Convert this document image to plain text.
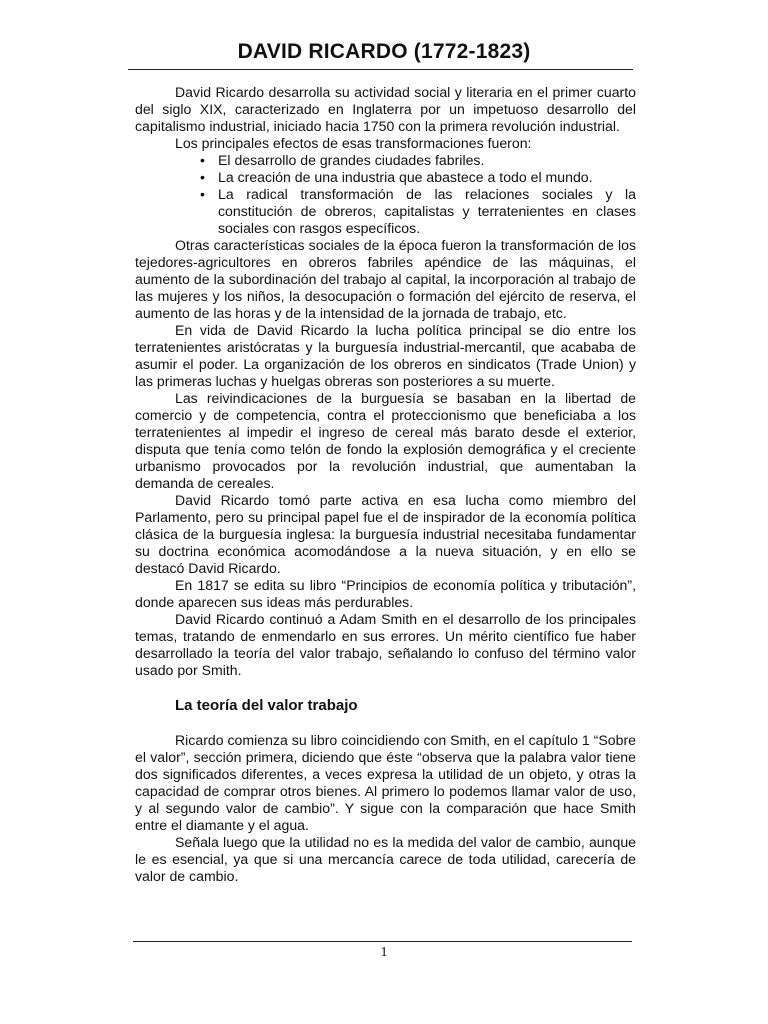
DAVID RICARDO (1772-1823)

David Ricardo desarrolla su actividad social y literaria en el primer cuarto del siglo XIX, caracterizado en Inglaterra por un impetuoso desarrollo del capitalismo industrial, iniciado hacia 1750 con la primera revolución industrial.

Los principales efectos de esas transformaciones fueron:

• El desarrollo de grandes ciudades fabriles.
• La creación de una industria que abastece a todo el mundo.
• La radical transformación de las relaciones sociales y la constitución de obreros, capitalistas y terratenientes en clases sociales con rasgos específicos.

Otras características sociales de la época fueron la transformación de los tejedores-agricultores en obreros fabriles apéndice de las máquinas, el aumento de la subordinación del trabajo al capital, la incorporación al trabajo de las mujeres y los niños, la desocupación o formación del ejército de reserva, el aumento de las horas y de la intensidad de la jornada de trabajo, etc.

En vida de David Ricardo la lucha política principal se dio entre los terratenientes aristócratas y la burguesía industrial-mercantil, que acababa de asumir el poder. La organización de los obreros en sindicatos (Trade Union) y las primeras luchas y huelgas obreras son posteriores a su muerte.

Las reivindicaciones de la burguesía se basaban en la libertad de comercio y de competencia, contra el proteccionismo que beneficiaba a los terratenientes al impedir el ingreso de cereal más barato desde el exterior, disputa que tenía como telón de fondo la explosión demográfica y el creciente urbanismo provocados por la revolución industrial, que aumentaban la demanda de cereales.

David Ricardo tomó parte activa en esa lucha como miembro del Parlamento, pero su principal papel fue el de inspirador de la economía política clásica de la burguesía inglesa: la burguesía industrial necesitaba fundamentar su doctrina económica acomodándose a la nueva situación, y en ello se destacó David Ricardo.

En 1817 se edita su libro “Principios de economía política y tributación”, donde aparecen sus ideas más perdurables.

David Ricardo continuó a Adam Smith en el desarrollo de los principales temas, tratando de enmendarlo en sus errores. Un mérito científico fue haber desarrollado la teoría del valor trabajo, señalando lo confuso del término valor usado por Smith.

La teoría del valor trabajo

Ricardo comienza su libro coincidiendo con Smith, en el capítulo 1 “Sobre el valor”, sección primera, diciendo que éste “observa que la palabra valor tiene dos significados diferentes, a veces expresa la utilidad de un objeto, y otras la capacidad de comprar otros bienes. Al primero lo podemos llamar valor de uso, y al segundo valor de cambio”. Y sigue con la comparación que hace Smith entre el diamante y el agua.

Señala luego que la utilidad no es la medida del valor de cambio, aunque le es esencial, ya que si una mercancía carece de toda utilidad, carecería de valor de cambio.

1
